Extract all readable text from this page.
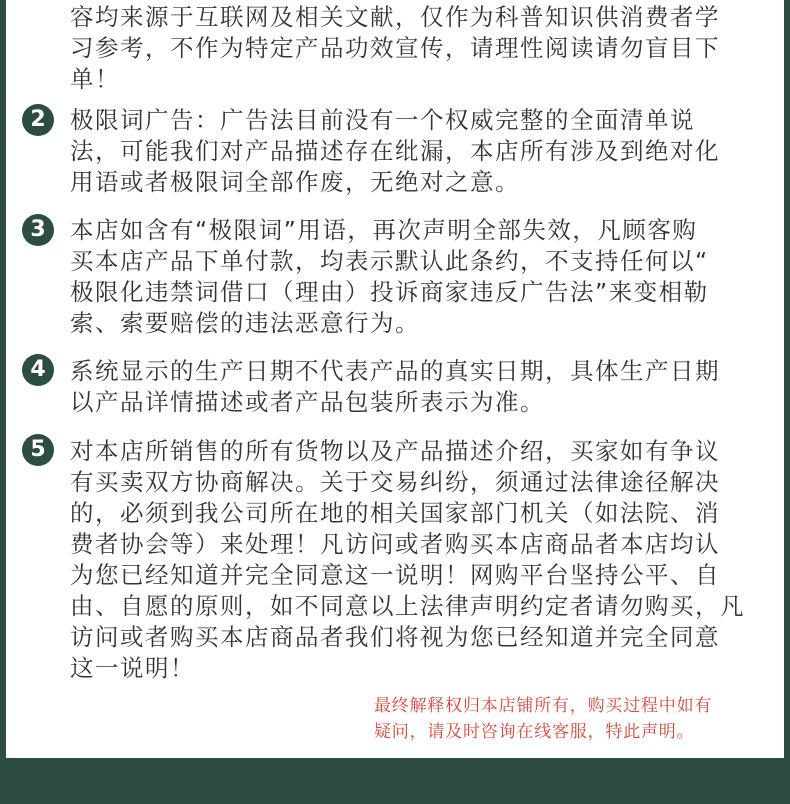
容均来源于互联网及相关文献，仅作为科普知识供消费者学
习参考，不作为特定产品功效宣传，请理性阅读请勿盲目下
单！
2	极限词广告：广告法目前没有一个权威完整的全面清单说
法，可能我们对产品描述存在纰漏，本店所有涉及到绝对化
用语或者极限词全部作废，无绝对之意。
3	本店如含有“极限词”用语，再次声明全部失效，凡顾客购
买本店产品下单付款，均表示默认此条约，不支持任何以“
极限化违禁词借口（理由）投诉商家违反广告法”来变相勒
索、索要赔偿的违法恶意行为。
4	系统显示的生产日期不代表产品的真实日期，具体生产日期
以产品详情描述或者产品包装所表示为准。
5	对本店所销售的所有货物以及产品描述介绍，买家如有争议
有买卖双方协商解决。关于交易纠纷，须通过法律途径解决
的，必须到我公司所在地的相关国家部门机关（如法院、消
费者协会等）来处理！凡访问或者购买本店商品者本店均认
为您已经知道并完全同意这一说明！网购平台坚持公平、自
由、自愿的原则，如不同意以上法律声明约定者请勿购买，凡
访问或者购买本店商品者我们将视为您已经知道并完全同意
这一说明！
最终解释权归本店铺所有，购买过程中如有
疑问，请及时咨询在线客服，特此声明。
